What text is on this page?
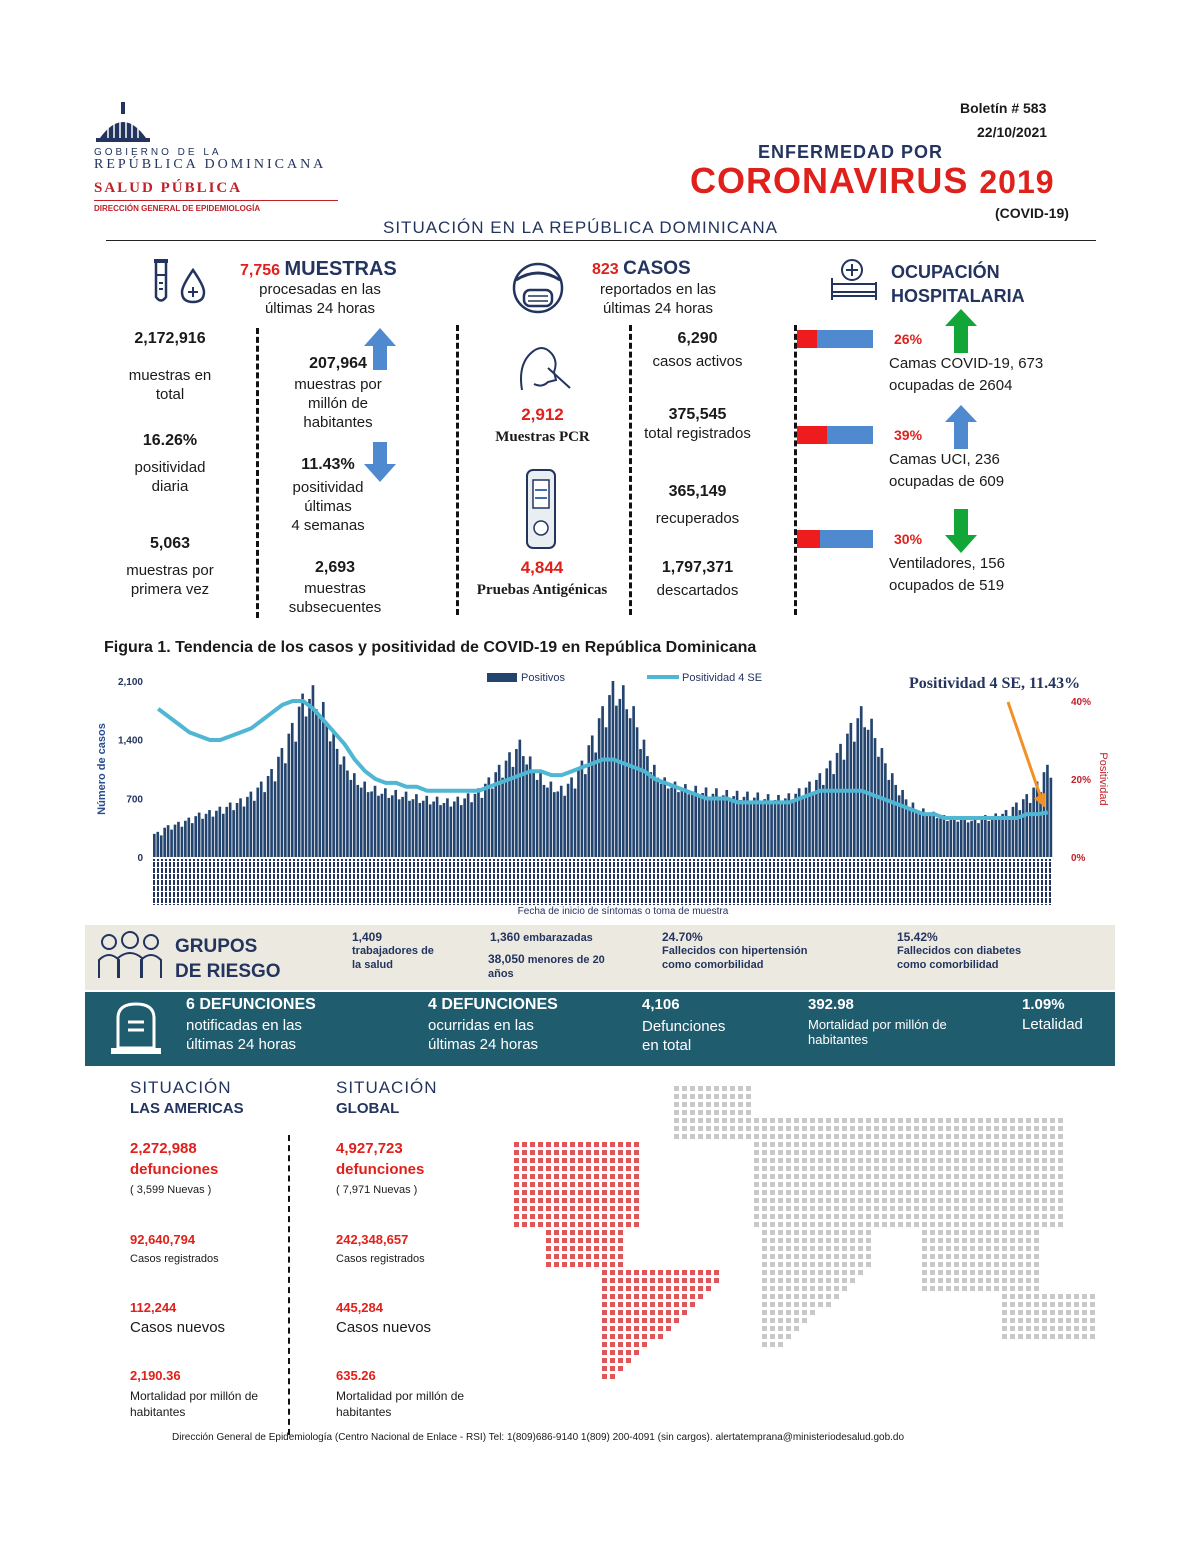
GOBIERNO DE LA
REPÚBLICA DOMINICANA
SALUD PÚBLICA
DIRECCIÓN GENERAL DE EPIDEMIOLOGÍA
Boletín # 583
22/10/2021
ENFERMEDAD POR
CORONAVIRUS 2019
(COVID-19)
SITUACIÓN EN LA REPÚBLICA DOMINICANA
7,756 MUESTRAS
procesadas en las
últimas 24 horas
2,172,916
muestras en
total
16.26%
positividad
diaria
5,063
muestras por
primera vez
207,964
muestras por
millón de
habitantes
11.43%
positividad
últimas
4 semanas
2,693
muestras
subsecuentes
2,912
Muestras PCR
4,844
Pruebas Antigénicas
823 CASOS
reportados en las
últimas 24 horas
6,290
casos activos
375,545
total registrados
365,149
recuperados
1,797,371
descartados
OCUPACIÓN
HOSPITALARIA
26%
Camas COVID-19, 673
ocupadas de 2604
39%
Camas UCI, 236
ocupadas de 609
30%
Ventiladores, 156
ocupados de 519
Figura 1. Tendencia de los casos y positividad de COVID-19 en República Dominicana
2,100
1,400
700
0
40%
20%
0%
Número de casos	Positividad
Fecha de inicio de síntomas o toma de muestra
Positivos	Positividad 4 SE	Positividad 4 SE, 11.43%
GRUPOS
DE RIESGO
1,409
trabajadores de
la salud
1,360 embarazadas
38,050 menores de 20
años
24.70%
Fallecidos con hipertensión
como comorbilidad
15.42%
Fallecidos con diabetes
como comorbilidad
6 DEFUNCIONES
notificadas en las
últimas 24 horas
4 DEFUNCIONES
ocurridas en las
últimas 24 horas
4,106
Defunciones
en total
392.98
Mortalidad por millón de
habitantes
1.09%
Letalidad
SITUACIÓN
LAS AMERICAS
2,272,988
defunciones
( 3,599 Nuevas )
92,640,794
Casos registrados
112,244
Casos nuevos
2,190.36
Mortalidad por millón de
habitantes
SITUACIÓN
GLOBAL
4,927,723
defunciones
( 7,971 Nuevas )
242,348,657
Casos registrados
445,284
Casos nuevos
635.26
Mortalidad por millón de
habitantes
Dirección General de Epidemiología (Centro Nacional de Enlace - RSI) Tel: 1(809)686-9140 1(809) 200-4091 (sin cargos). alertatemprana@ministeriodesalud.gob.do
